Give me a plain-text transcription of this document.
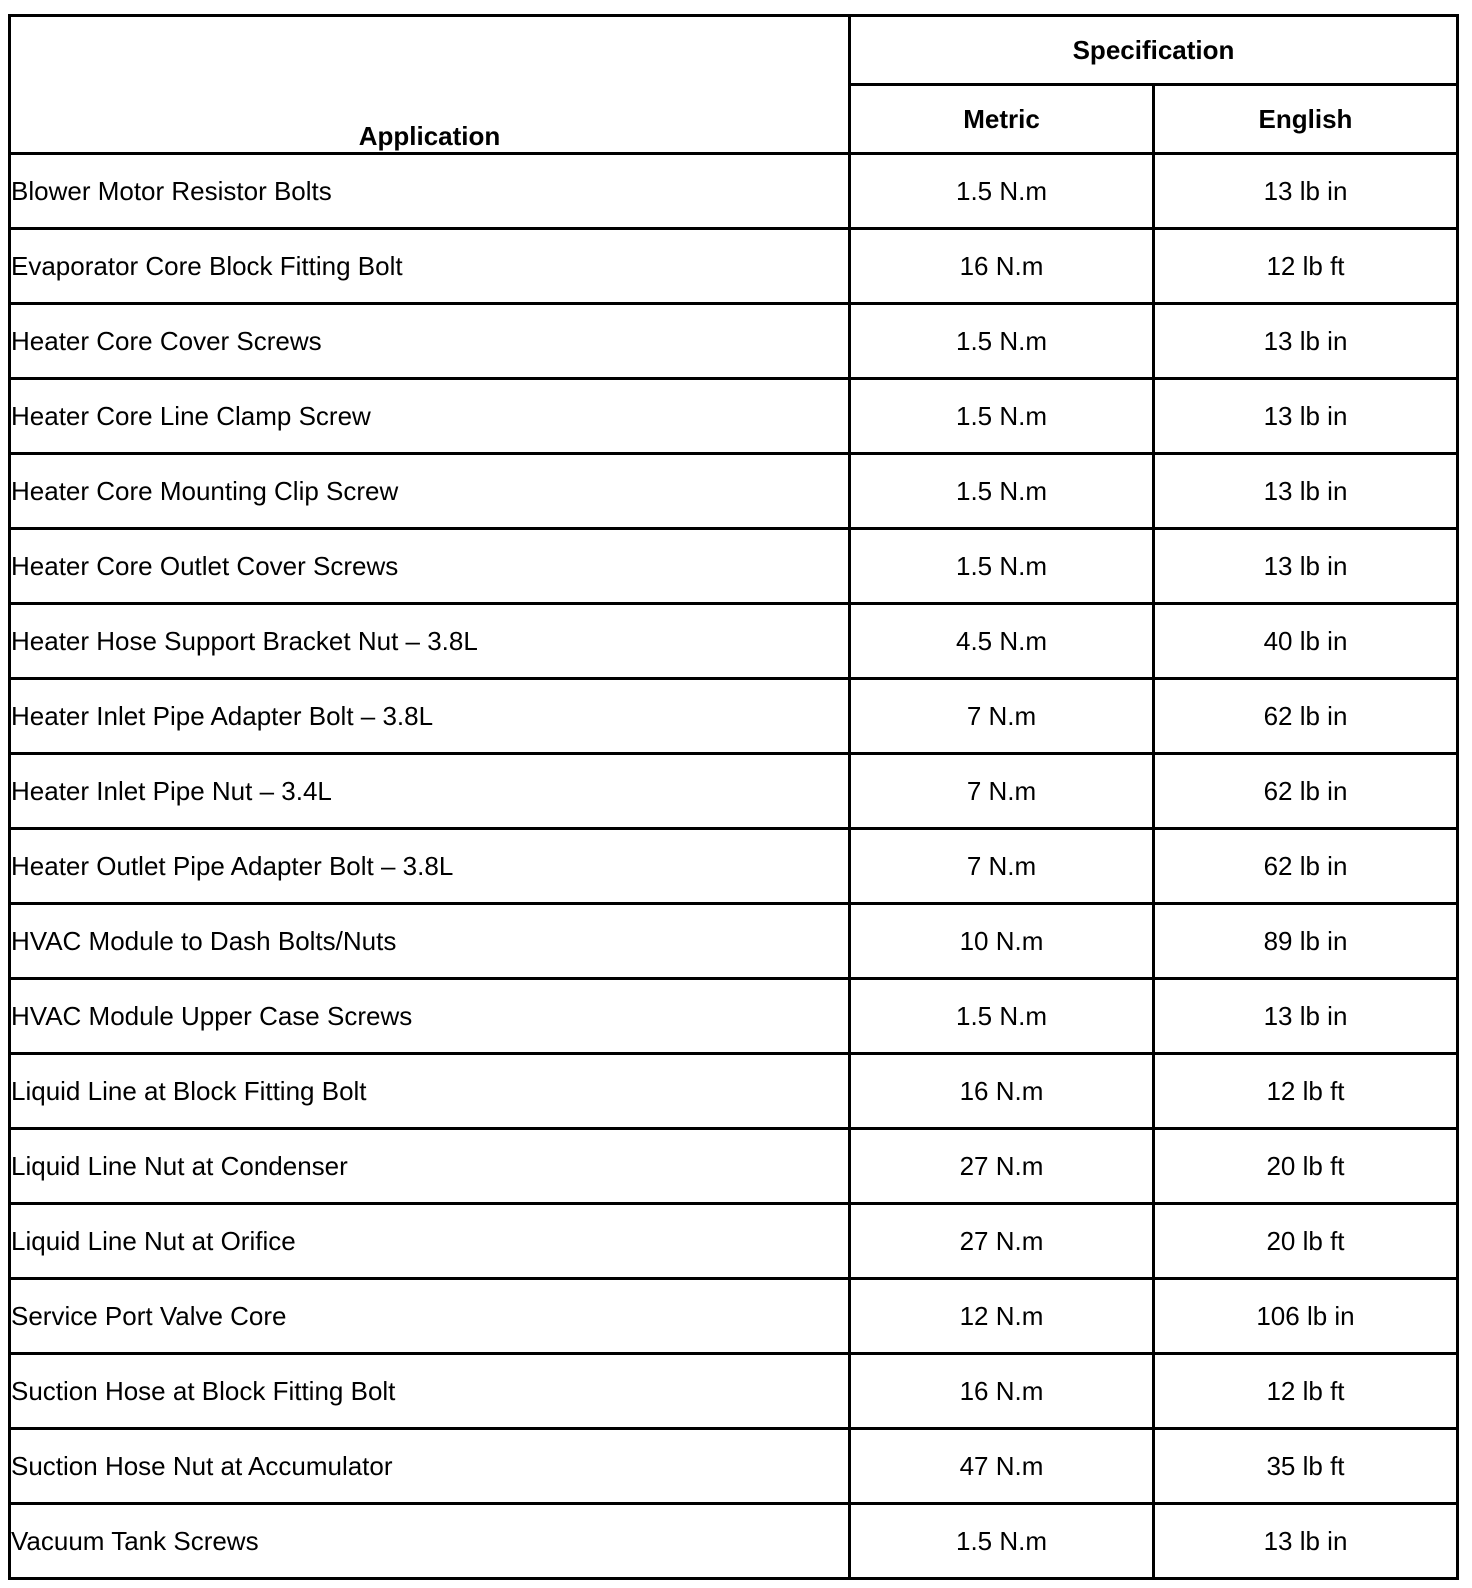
Application	Specification	
	Metric	English
Blower Motor Resistor Bolts	1.5 N.m	13 lb in
Evaporator Core Block Fitting Bolt	16 N.m	12 lb ft
Heater Core Cover Screws	1.5 N.m	13 lb in
Heater Core Line Clamp Screw	1.5 N.m	13 lb in
Heater Core Mounting Clip Screw	1.5 N.m	13 lb in
Heater Core Outlet Cover Screws	1.5 N.m	13 lb in
Heater Hose Support Bracket Nut – 3.8L	4.5 N.m	40 lb in
Heater Inlet Pipe Adapter Bolt – 3.8L	7 N.m	62 lb in
Heater Inlet Pipe Nut – 3.4L	7 N.m	62 lb in
Heater Outlet Pipe Adapter Bolt – 3.8L	7 N.m	62 lb in
HVAC Module to Dash Bolts/Nuts	10 N.m	89 lb in
HVAC Module Upper Case Screws	1.5 N.m	13 lb in
Liquid Line at Block Fitting Bolt	16 N.m	12 lb ft
Liquid Line Nut at Condenser	27 N.m	20 lb ft
Liquid Line Nut at Orifice	27 N.m	20 lb ft
Service Port Valve Core	12 N.m	106 lb in
Suction Hose at Block Fitting Bolt	16 N.m	12 lb ft
Suction Hose Nut at Accumulator	47 N.m	35 lb ft
Vacuum Tank Screws	1.5 N.m	13 lb in
